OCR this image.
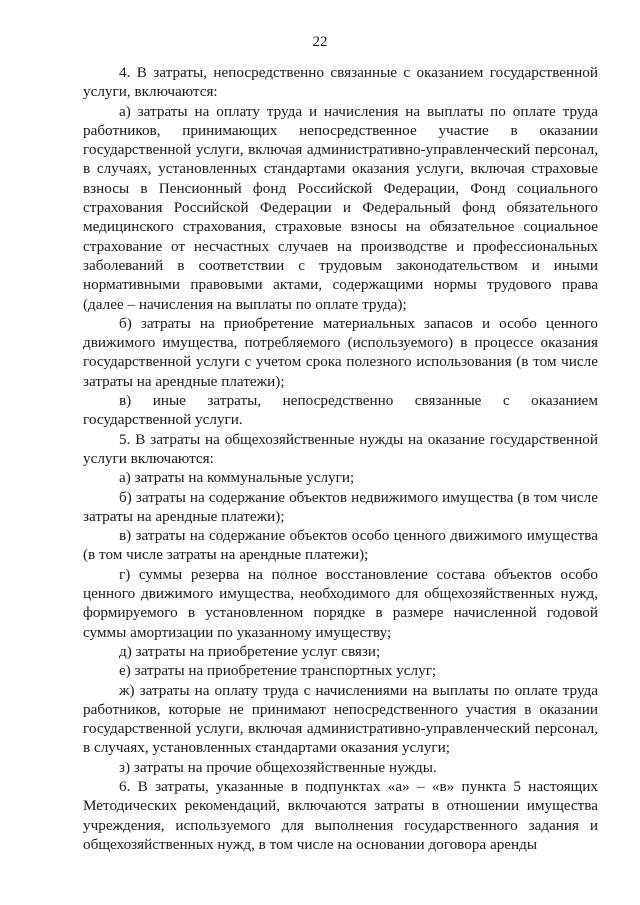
22

4. В затраты, непосредственно связанные с оказанием государственной услуги, включаются:

а) затраты на оплату труда и начисления на выплаты по оплате труда работников, принимающих непосредственное участие в оказании государственной услуги, включая административно-управленческий персонал, в случаях, установленных стандартами оказания услуги, включая страховые взносы в Пенсионный фонд Российской Федерации, Фонд социального страхования Российской Федерации и Федеральный фонд обязательного медицинского страхования, страховые взносы на обязательное социальное страхование от несчастных случаев на производстве и профессиональных заболеваний в соответствии с трудовым законодательством и иными нормативными правовыми актами, содержащими нормы трудового права (далее – начисления на выплаты по оплате труда);

б) затраты на приобретение материальных запасов и особо ценного движимого имущества, потребляемого (используемого) в процессе оказания государственной услуги с учетом срока полезного использования (в том числе затраты на арендные платежи);

в) иные затраты, непосредственно связанные с оказанием государственной услуги.

5. В затраты на общехозяйственные нужды на оказание государственной услуги включаются:

а) затраты на коммунальные услуги;

б) затраты на содержание объектов недвижимого имущества (в том числе затраты на арендные платежи);

в) затраты на содержание объектов особо ценного движимого имущества (в том числе затраты на арендные платежи);

г) суммы резерва на полное восстановление состава объектов особо ценного движимого имущества, необходимого для общехозяйственных нужд, формируемого в установленном порядке в размере начисленной годовой суммы амортизации по указанному имуществу;

д) затраты на приобретение услуг связи;

е) затраты на приобретение транспортных услуг;

ж) затраты на оплату труда с начислениями на выплаты по оплате труда работников, которые не принимают непосредственного участия в оказании государственной услуги, включая административно-управленческий персонал, в случаях, установленных стандартами оказания услуги;

з) затраты на прочие общехозяйственные нужды.

6. В затраты, указанные в подпунктах «а» – «в» пункта 5 настоящих Методических рекомендаций, включаются затраты в отношении имущества учреждения, используемого для выполнения государственного задания и общехозяйственных нужд, в том числе на основании договора аренды
